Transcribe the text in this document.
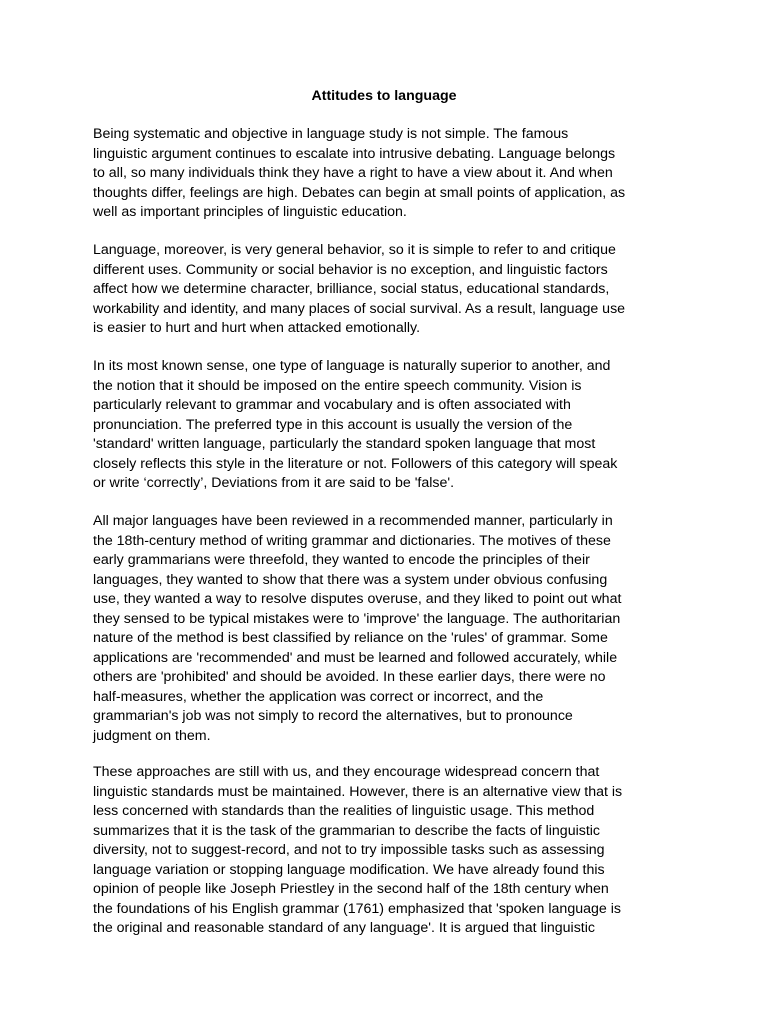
Attitudes to language
Being systematic and objective in language study is not simple. The famous
linguistic argument continues to escalate into intrusive debating. Language belongs
to all, so many individuals think they have a right to have a view about it. And when
thoughts differ, feelings are high. Debates can begin at small points of application, as
well as important principles of linguistic education.
Language, moreover, is very general behavior, so it is simple to refer to and critique
different uses. Community or social behavior is no exception, and linguistic factors
affect how we determine character, brilliance, social status, educational standards,
workability and identity, and many places of social survival. As a result, language use
is easier to hurt and hurt when attacked emotionally.
In its most known sense, one type of language is naturally superior to another, and
the notion that it should be imposed on the entire speech community. Vision is
particularly relevant to grammar and vocabulary and is often associated with
pronunciation. The preferred type in this account is usually the version of the
'standard' written language, particularly the standard spoken language that most
closely reflects this style in the literature or not. Followers of this category will speak
or write ‘correctly’, Deviations from it are said to be 'false'.
All major languages have been reviewed in a recommended manner, particularly in
the 18th-century method of writing grammar and dictionaries. The motives of these
early grammarians were threefold, they wanted to encode the principles of their
languages, they wanted to show that there was a system under obvious confusing
use, they wanted a way to resolve disputes overuse, and they liked to point out what
they sensed to be typical mistakes were to 'improve' the language. The authoritarian
nature of the method is best classified by reliance on the 'rules' of grammar. Some
applications are 'recommended' and must be learned and followed accurately, while
others are 'prohibited' and should be avoided. In these earlier days, there were no
half-measures, whether the application was correct or incorrect, and the
grammarian's job was not simply to record the alternatives, but to pronounce
judgment on them.
These approaches are still with us, and they encourage widespread concern that
linguistic standards must be maintained. However, there is an alternative view that is
less concerned with standards than the realities of linguistic usage. This method
summarizes that it is the task of the grammarian to describe the facts of linguistic
diversity, not to suggest-record, and not to try impossible tasks such as assessing
language variation or stopping language modification. We have already found this
opinion of people like Joseph Priestley in the second half of the 18th century when
the foundations of his English grammar (1761) emphasized that 'spoken language is
the original and reasonable standard of any language'. It is argued that linguistic
